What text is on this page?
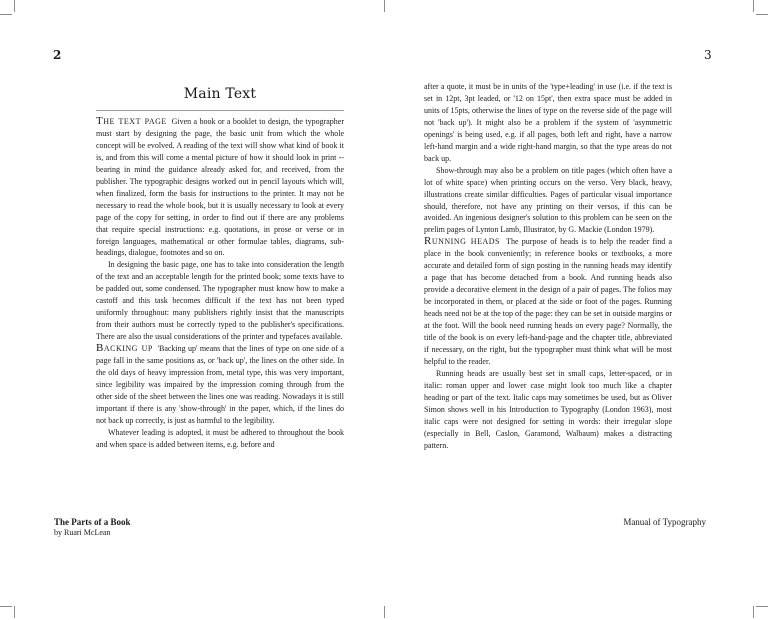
2
Main Text

The text page Given a book or a booklet to design, the typographer must start by designing the page, the basic unit from which the whole concept will be evolved. A reading of the text will show what kind of book it is, and from this will come a mental picture of how it should look in print -- bearing in mind the guidance already asked for, and received, from the publisher. The typographic designs worked out in pencil layouts which will, when finalized, form the basis for instructions to the printer. It may not be necessary to read the whole book, but it is usually necessary to look at every page of the copy for setting, in order to find out if there are any problems that require special instructions: e.g. quotations, in prose or verse or in foreign languages, mathematical or other formulae tables, diagrams, sub-headings, dialogue, footnotes and so on.

In designing the basic page, one has to take into consideration the length of the text and an acceptable length for the printed book; some texts have to be padded out, some condensed. The typographer must know how to make a castoff and this task becomes difficult if the text has not been typed uniformly throughout: many publishers rightly insist that the manuscripts from their authors must be correctly typed to the publisher's specifications. There are also the usual considerations of the printer and typefaces available.

Backing up 'Backing up' means that the lines of type on one side of a page fall in the same positions as, or 'back up', the lines on the other side. In the old days of heavy impression from, metal type, this was very important, since legibility was impaired by the impression coming through from the other side of the sheet between the lines one was reading. Nowadays it is still important if there is any 'show-through' in the paper, which, if the lines do not back up correctly, is just as harmful to the legibility.

Whatever leading is adopted, it must be adhered to throughout the book and when space is added between items, e.g. before and

The Parts of a Book
by Ruari McLean
3

after a quote, it must be in units of the 'type+leading' in use (i.e. if the text is set in 12pt, 3pt leaded, or '12 on 15pt', then extra space must be added in units of 15pts, otherwise the lines of type on the reverse side of the page will not 'back up'). It might also be a problem if the system of 'asymmetric openings' is being used, e.g. if all pages, both left and right, have a narrow left-hand margin and a wide right-hand margin, so that the type areas do not back up.

Show-through may also be a problem on title pages (which often have a lot of white space) when printing occurs on the verso. Very black, heavy, illustrations create similar difficulties. Pages of particular visual importance should, therefore, not have any printing on their versos, if this can be avoided. An ingenious designer's solution to this problem can be seen on the prelim pages of Lynton Lamb, Illustrator, by G. Mackie (London 1979).

Running heads The purpose of heads is to help the reader find a place in the book conveniently; in reference books or textbooks, a more accurate and detailed form of sign posting in the running heads may identify a page that has become detached from a book. And running heads also provide a decorative element in the design of a pair of pages. The folios may be incorporated in them, or placed at the side or foot of the pages. Running heads need not be at the top of the page: they can be set in outside margins or at the foot. Will the book need running heads on every page? Normally, the title of the book is on every left-hand-page and the chapter title, abbreviated if necessary, on the right, but the typographer must think what will be most helpful to the reader.

Running heads are usually best set in small caps, letter-spaced, or in italic: roman upper and lower case might look too much like a chapter heading or part of the text. Italic caps may sometimes be used, but as Oliver Simon shows well in his Introduction to Typography (London 1963), most italic caps were not designed for setting in words: their irregular slope (especially in Bell, Caslon, Garamond, Walbaum) makes a distracting pattern.

Manual of Typography
